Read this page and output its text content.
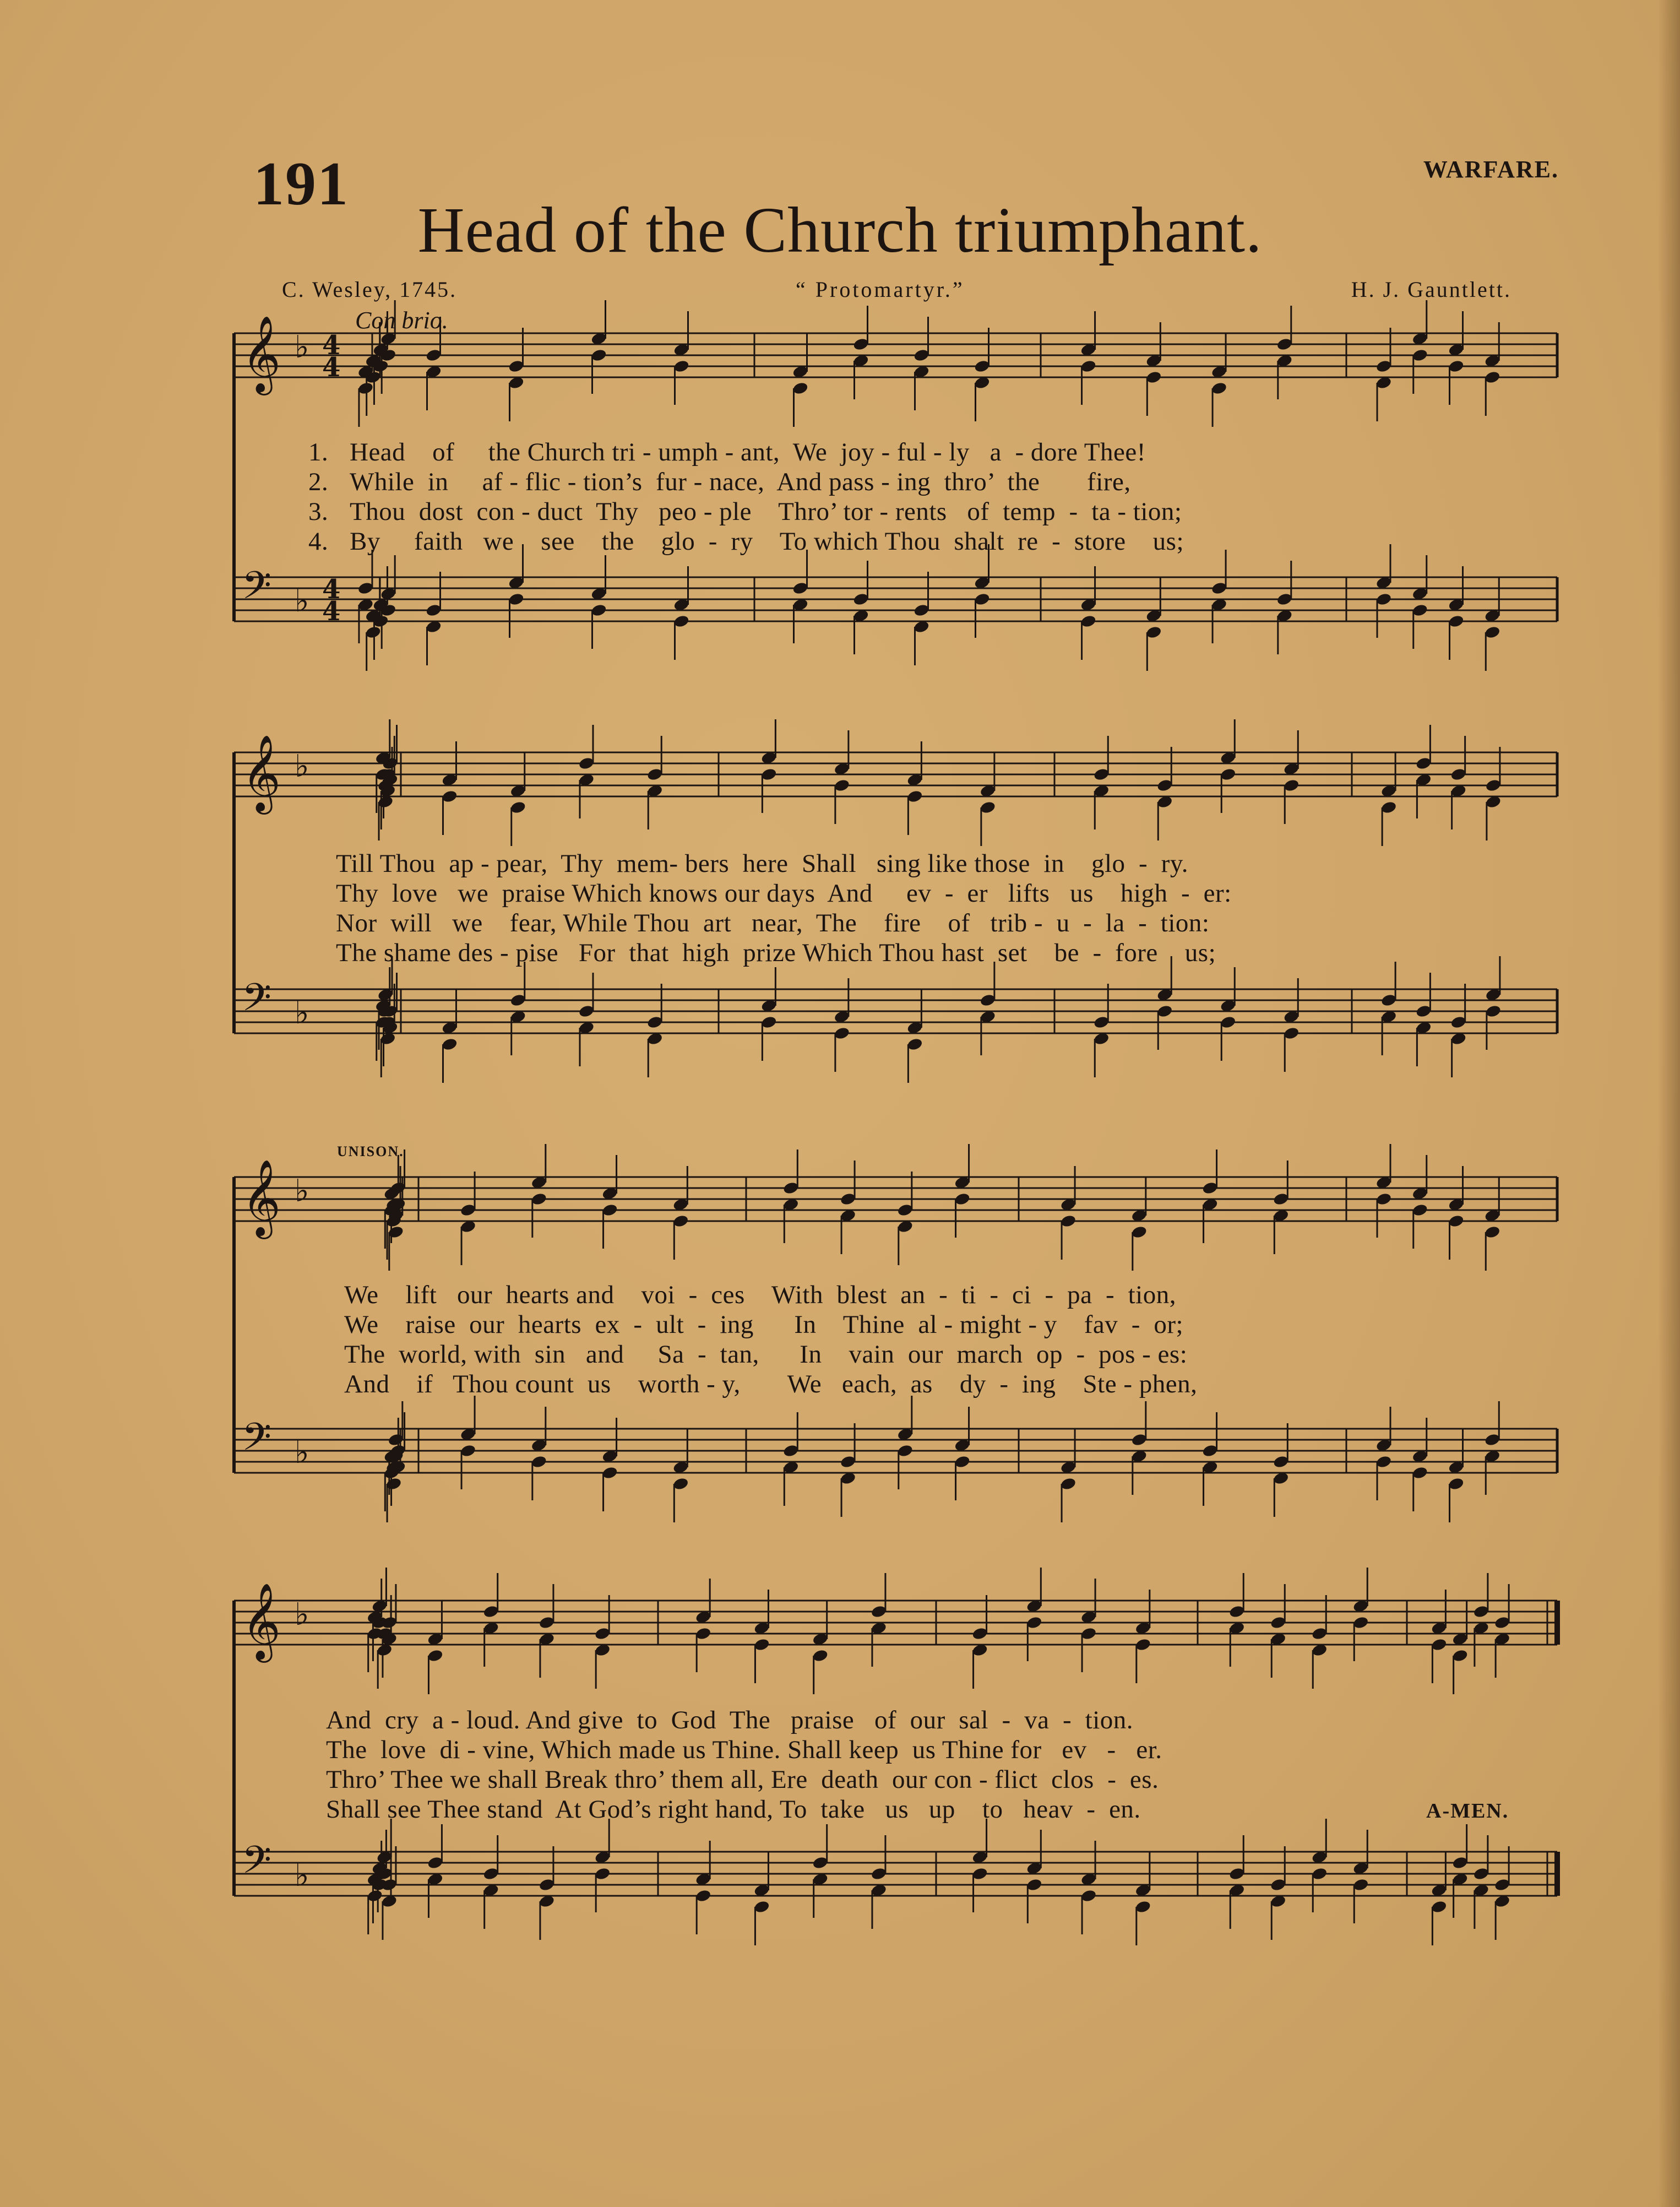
191	WARFARE.
Head of the Church triumphant.
C. Wesley, 1745.	“ Protomartyr.”	H. J. Gauntlett.
Con brio.
UNISON.
A-MEN.
𝄞 ♭ 4
4
𝄢 ♭ 4
4
𝄞 ♭
𝄢 ♭
𝄞 ♭
𝄢 ♭
𝄞 ♭
𝄢 ♭
1. Head    of     the Church tri - umph - ant,  We  joy - ful - ly   a  - dore Thee!
2. While  in     af - flic - tion’s  fur - nace,  And pass - ing  thro’  the       fire,
3. Thou  dost  con - duct  Thy   peo - ple    Thro’ tor - rents   of  temp  -  ta - tion;
4. By     faith   we    see    the    glo  -  ry    To which Thou  shalt  re  -  store    us;
Till Thou  ap - pear,  Thy  mem- bers  here  Shall   sing like those  in    glo  -  ry.
Thy  love   we  praise Which knows our days  And     ev  -  er   lifts   us    high  -  er:
Nor  will   we    fear, While Thou  art   near,  The    fire    of   trib -  u  -  la  -  tion:
The shame des - pise   For  that  high  prize Which Thou hast  set    be  -  fore    us;
We    lift   our  hearts and    voi  -  ces    With  blest  an  -  ti  -  ci  -  pa  -  tion,
We    raise  our  hearts  ex  -  ult  -  ing      In    Thine  al - might - y    fav  -  or;
The  world, with  sin   and     Sa  -  tan,      In    vain  our  march  op  -  pos - es:
And    if   Thou count  us    worth - y,       We   each,  as    dy  -  ing    Ste - phen,
And  cry  a - loud. And give  to  God  The   praise   of  our  sal  -  va  -  tion.
The  love  di - vine, Which made us Thine. Shall keep  us Thine for   ev   -   er.
Thro’ Thee we shall Break thro’ them all, Ere  death  our con - flict  clos  -  es.
Shall see Thee stand  At God’s right hand, To  take   us   up    to   heav  -  en.
